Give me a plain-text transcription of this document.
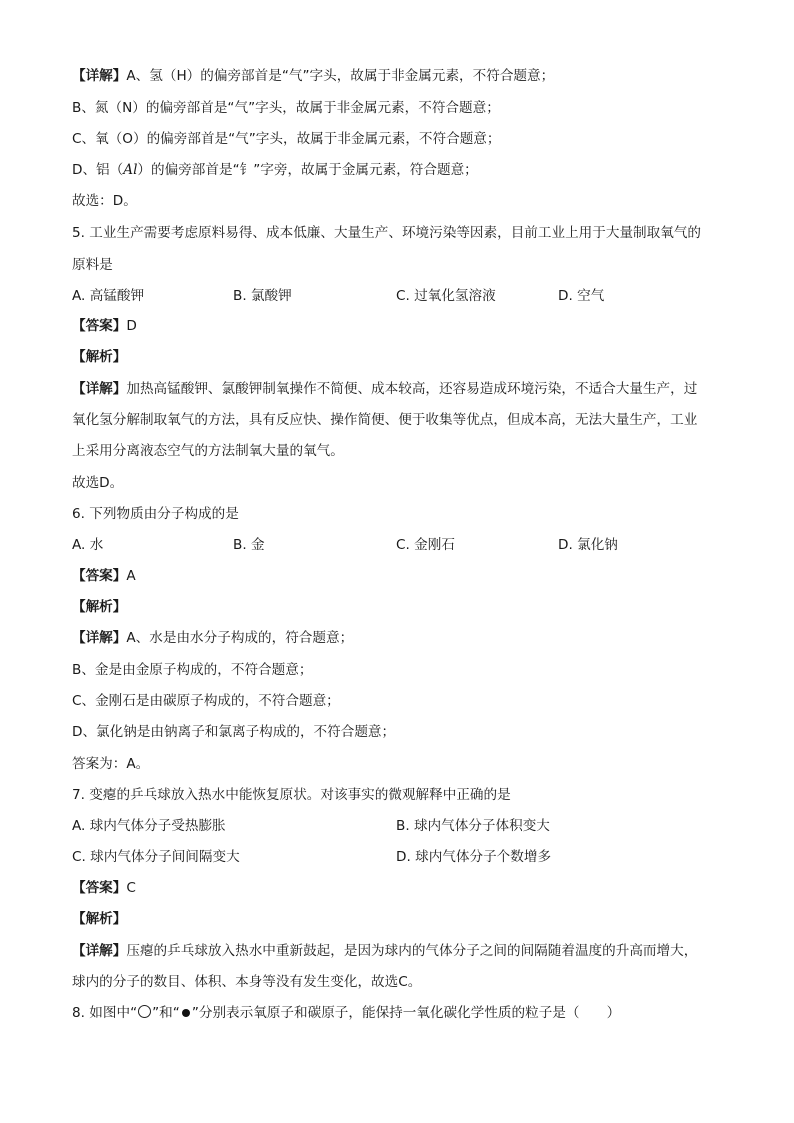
【详解】A、氢（H）的偏旁部首是“气”字头，故属于非金属元素，不符合题意；
B、氮（N）的偏旁部首是“气”字头，故属于非金属元素，不符合题意；
C、氧（O）的偏旁部首是“气”字头，故属于非金属元素，不符合题意；
D、铝（Al）的偏旁部首是“钅”字旁，故属于金属元素，符合题意；
故选：D。
5. 工业生产需要考虑原料易得、成本低廉、大量生产、环境污染等因素，目前工业上用于大量制取氧气的
原料是
A. 高锰酸钾	B. 氯酸钾	C. 过氧化氢溶液	D. 空气
【答案】D
【解析】
【详解】加热高锰酸钾、氯酸钾制氧操作不简便、成本较高，还容易造成环境污染，不适合大量生产，过
氧化氢分解制取氧气的方法，具有反应快、操作简便、便于收集等优点，但成本高，无法大量生产，工业
上采用分离液态空气的方法制氧大量的氧气。
故选D。
6. 下列物质由分子构成的是
A. 水	B. 金	C. 金刚石	D. 氯化钠
【答案】A
【解析】
【详解】A、水是由水分子构成的，符合题意；
B、金是由金原子构成的，不符合题意；
C、金刚石是由碳原子构成的，不符合题意；
D、氯化钠是由钠离子和氯离子构成的，不符合题意；
答案为：A。
7. 变瘪的乒乓球放入热水中能恢复原状。对该事实的微观解释中正确的是
A. 球内气体分子受热膨胀	B. 球内气体分子体积变大
C. 球内气体分子间间隔变大	D. 球内气体分子个数增多
【答案】C
【解析】
【详解】压瘪的乒乓球放入热水中重新鼓起，是因为球内的气体分子之间的间隔随着温度的升高而增大，
球内的分子的数目、体积、本身等没有发生变化，故选C。
8. 如图中“ ”和“ ”分别表示氧原子和碳原子，能保持一氧化碳化学性质的粒子是（　　）
